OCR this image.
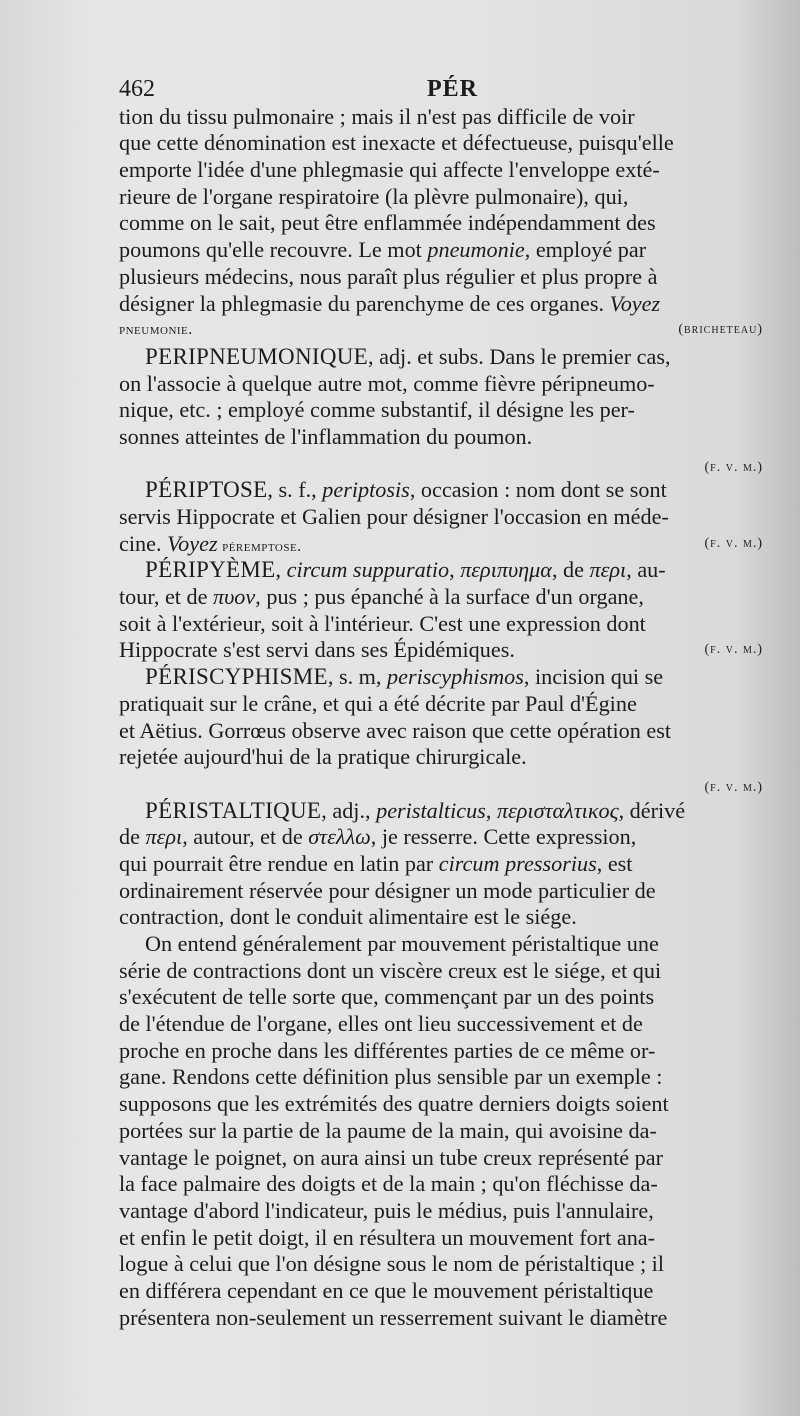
462	PÉR
tion du tissu pulmonaire ; mais il n'est pas difficile de voir
que cette dénomination est inexacte et défectueuse, puisqu'elle
emporte l'idée d'une phlegmasie qui affecte l'enveloppe exté-
rieure de l'organe respiratoire (la plèvre pulmonaire), qui,
comme on le sait, peut être enflammée indépendamment des
poumons qu'elle recouvre. Le mot pneumonie, employé par
plusieurs médecins, nous paraît plus régulier et plus propre à
désigner la phlegmasie du parenchyme de ces organes. Voyez
pneumonie.	(bricheteau)
PERIPNEUMONIQUE, adj. et subs. Dans le premier cas,
on l'associe à quelque autre mot, comme fièvre péripneumo-
nique, etc. ; employé comme substantif, il désigne les per-
sonnes atteintes de l'inflammation du poumon.
(f. v. m.)
PÉRIPTOSE, s. f., periptosis, occasion : nom dont se sont
servis Hippocrate et Galien pour désigner l'occasion en méde-
cine. Voyez péremptose.	(f. v. m.)
PÉRIPYÈME, circum suppuratio, περιπυημα, de περι, au-
tour, et de πυον, pus ; pus épanché à la surface d'un organe,
soit à l'extérieur, soit à l'intérieur. C'est une expression dont
Hippocrate s'est servi dans ses Épidémiques.	(f. v. m.)
PÉRISCYPHISME, s. m, periscyphismos, incision qui se
pratiquait sur le crâne, et qui a été décrite par Paul d'Égine
et Aëtius. Gorrœus observe avec raison que cette opération est
rejetée aujourd'hui de la pratique chirurgicale.
(f. v. m.)
PÉRISTALTIQUE, adj., peristalticus, περισταλτικος, dérivé
de περι, autour, et de στελλω, je resserre. Cette expression,
qui pourrait être rendue en latin par circum pressorius, est
ordinairement réservée pour désigner un mode particulier de
contraction, dont le conduit alimentaire est le siége.
On entend généralement par mouvement péristaltique une
série de contractions dont un viscère creux est le siége, et qui
s'exécutent de telle sorte que, commençant par un des points
de l'étendue de l'organe, elles ont lieu successivement et de
proche en proche dans les différentes parties de ce même or-
gane. Rendons cette définition plus sensible par un exemple :
supposons que les extrémités des quatre derniers doigts soient
portées sur la partie de la paume de la main, qui avoisine da-
vantage le poignet, on aura ainsi un tube creux représenté par
la face palmaire des doigts et de la main ; qu'on fléchisse da-
vantage d'abord l'indicateur, puis le médius, puis l'annulaire,
et enfin le petit doigt, il en résultera un mouvement fort ana-
logue à celui que l'on désigne sous le nom de péristaltique ; il
en différera cependant en ce que le mouvement péristaltique
présentera non-seulement un resserrement suivant le diamètre
